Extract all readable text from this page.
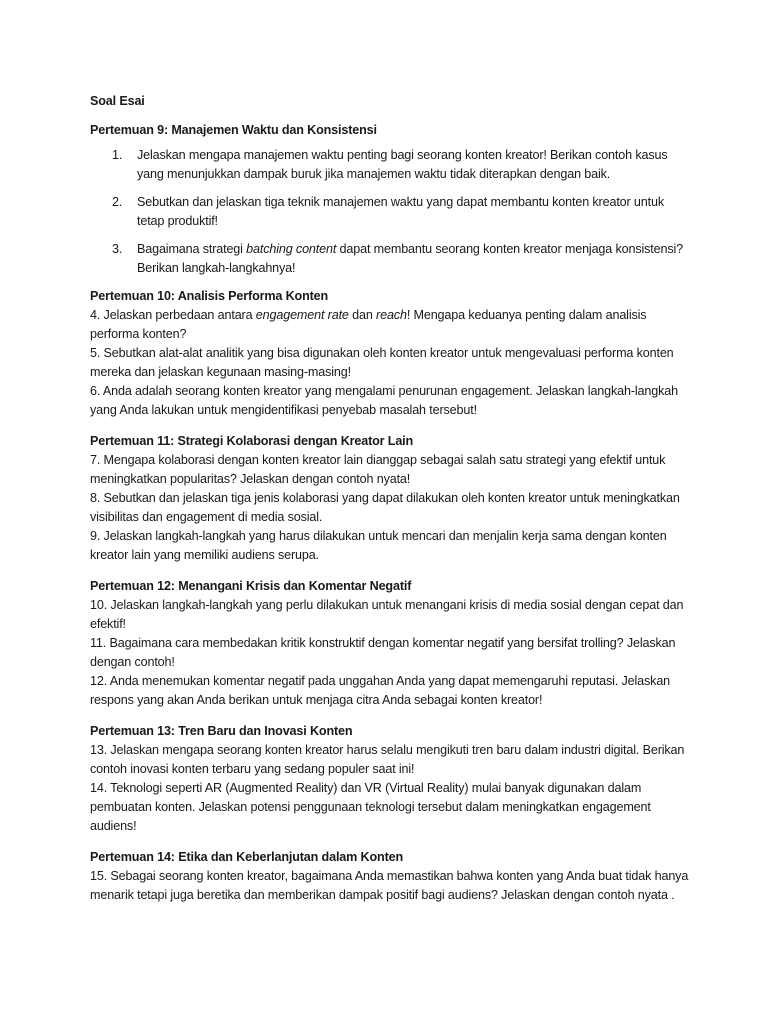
Soal Esai
Pertemuan 9: Manajemen Waktu dan Konsistensi
1. Jelaskan mengapa manajemen waktu penting bagi seorang konten kreator! Berikan contoh kasus yang menunjukkan dampak buruk jika manajemen waktu tidak diterapkan dengan baik.
2. Sebutkan dan jelaskan tiga teknik manajemen waktu yang dapat membantu konten kreator untuk tetap produktif!
3. Bagaimana strategi batching content dapat membantu seorang konten kreator menjaga konsistensi? Berikan langkah-langkahnya!
Pertemuan 10: Analisis Performa Konten

4. Jelaskan perbedaan antara engagement rate dan reach! Mengapa keduanya penting dalam analisis performa konten?

5. Sebutkan alat-alat analitik yang bisa digunakan oleh konten kreator untuk mengevaluasi performa konten mereka dan jelaskan kegunaan masing-masing!

6. Anda adalah seorang konten kreator yang mengalami penurunan engagement. Jelaskan langkah-langkah yang Anda lakukan untuk mengidentifikasi penyebab masalah tersebut!

Pertemuan 11: Strategi Kolaborasi dengan Kreator Lain

7. Mengapa kolaborasi dengan konten kreator lain dianggap sebagai salah satu strategi yang efektif untuk meningkatkan popularitas? Jelaskan dengan contoh nyata!

8. Sebutkan dan jelaskan tiga jenis kolaborasi yang dapat dilakukan oleh konten kreator untuk meningkatkan visibilitas dan engagement di media sosial.

9. Jelaskan langkah-langkah yang harus dilakukan untuk mencari dan menjalin kerja sama dengan konten kreator lain yang memiliki audiens serupa.

Pertemuan 12: Menangani Krisis dan Komentar Negatif

10. Jelaskan langkah-langkah yang perlu dilakukan untuk menangani krisis di media sosial dengan cepat dan efektif!

11. Bagaimana cara membedakan kritik konstruktif dengan komentar negatif yang bersifat trolling? Jelaskan dengan contoh!

12. Anda menemukan komentar negatif pada unggahan Anda yang dapat memengaruhi reputasi. Jelaskan respons yang akan Anda berikan untuk menjaga citra Anda sebagai konten kreator!

Pertemuan 13: Tren Baru dan Inovasi Konten

13. Jelaskan mengapa seorang konten kreator harus selalu mengikuti tren baru dalam industri digital. Berikan contoh inovasi konten terbaru yang sedang populer saat ini!

14. Teknologi seperti AR (Augmented Reality) dan VR (Virtual Reality) mulai banyak digunakan dalam pembuatan konten. Jelaskan potensi penggunaan teknologi tersebut dalam meningkatkan engagement audiens!

Pertemuan 14: Etika dan Keberlanjutan dalam Konten

15. Sebagai seorang konten kreator, bagaimana Anda memastikan bahwa konten yang Anda buat tidak hanya menarik tetapi juga beretika dan memberikan dampak positif bagi audiens? Jelaskan dengan contoh nyata .
